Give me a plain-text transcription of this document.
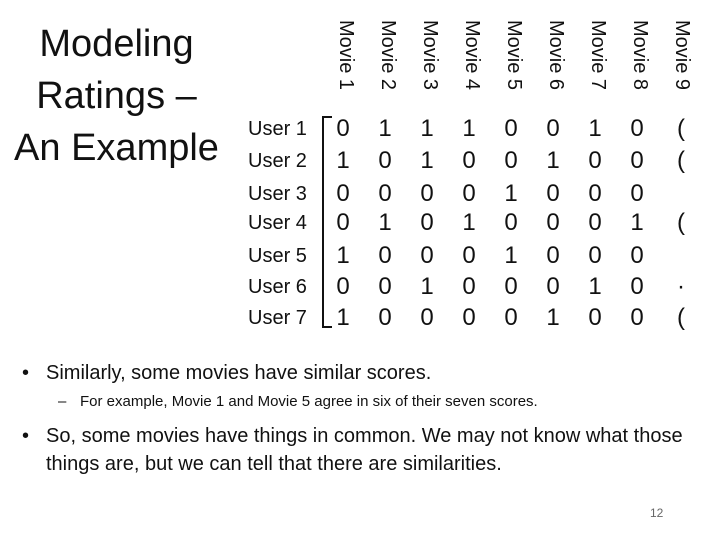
Modeling Ratings – An Example
Movie 1 Movie 2 Movie 3 Movie 4 Movie 5 Movie 6 Movie 7 Movie 8 Movie 9
User 1	0	1	1	1	0	0	1	0	(
User 2	1	0	1	0	0	1	0	0	(
User 3	0	0	0	0	1	0	0	0
User 4	0	1	0	1	0	0	0	1	(
User 5	1	0	0	0	1	0	0	0
User 6	0	0	1	0	0	0	1	0	·
User 7	1	0	0	0	0	1	0	0	(
• Similarly, some movies have similar scores.
– For example, Movie 1 and Movie 5 agree in six of their seven scores.
• So, some movies have things in common. We may not know what those things are, but we can tell that there are similarities.
12
